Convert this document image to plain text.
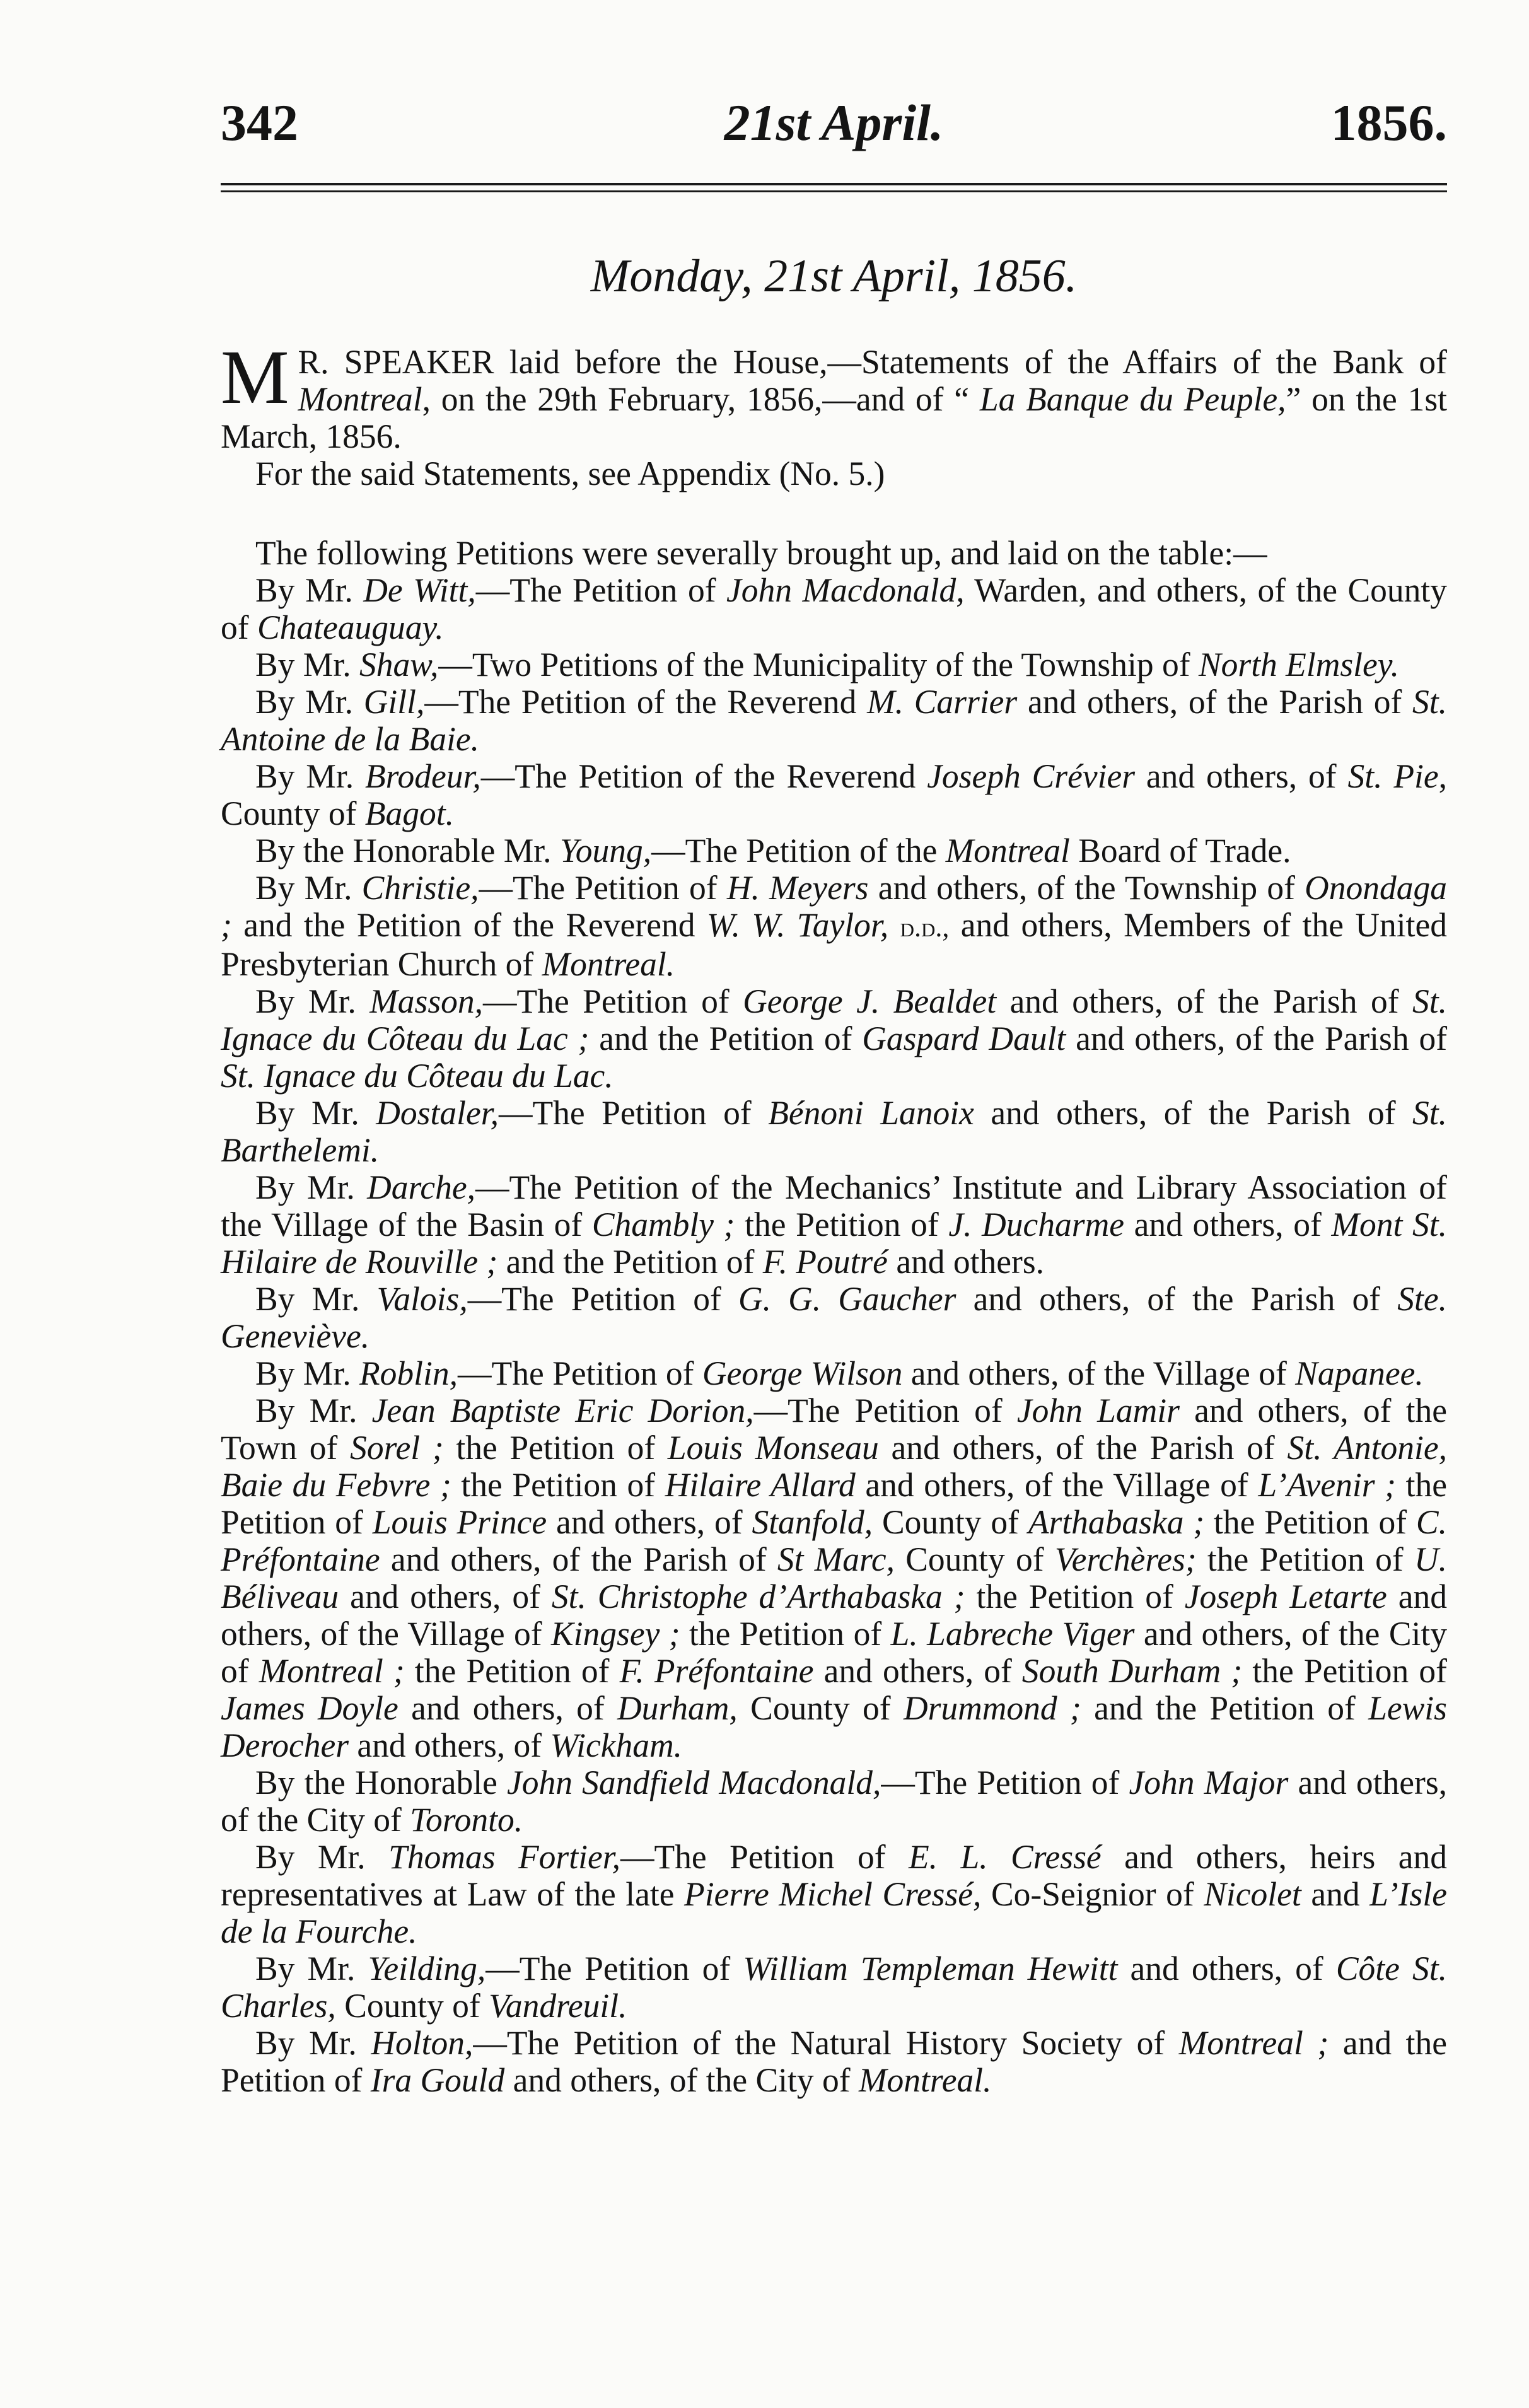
342	21st April.	1856.
Monday, 21st April, 1856.

M R. SPEAKER laid before the House,—Statements of the Affairs of the Bank of Montreal, on the 29th February, 1856,—and of “ La Banque du Peuple,” on the 1st March, 1856.

For the said Statements, see Appendix (No. 5.)

The following Petitions were severally brought up, and laid on the table:—

By Mr. De Witt,—The Petition of John Macdonald, Warden, and others, of the County of Chateauguay.

By Mr. Shaw,—Two Petitions of the Municipality of the Township of North Elmsley.

By Mr. Gill,—The Petition of the Reverend M. Carrier and others, of the Parish of St. Antoine de la Baie.

By Mr. Brodeur,—The Petition of the Reverend Joseph Crévier and others, of St. Pie, County of Bagot.

By the Honorable Mr. Young,—The Petition of the Montreal Board of Trade.

By Mr. Christie,—The Petition of H. Meyers and others, of the Township of Onondaga ; and the Petition of the Reverend W. W. Taylor, d.d., and others, Members of the United Presbyterian Church of Montreal.

By Mr. Masson,—The Petition of George J. Bealdet and others, of the Parish of St. Ignace du Côteau du Lac ; and the Petition of Gaspard Dault and others, of the Parish of St. Ignace du Côteau du Lac.

By Mr. Dostaler,—The Petition of Bénoni Lanoix and others, of the Parish of St. Barthelemi.

By Mr. Darche,—The Petition of the Mechanics’ Institute and Library Association of the Village of the Basin of Chambly ; the Petition of J. Ducharme and others, of Mont St. Hilaire de Rouville ; and the Petition of F. Poutré and others.

By Mr. Valois,—The Petition of G. G. Gaucher and others, of the Parish of Ste. Geneviève.

By Mr. Roblin,—The Petition of George Wilson and others, of the Village of Napanee.

By Mr. Jean Baptiste Eric Dorion,—The Petition of John Lamir and others, of the Town of Sorel ; the Petition of Louis Monseau and others, of the Parish of St. Antonie, Baie du Febvre ; the Petition of Hilaire Allard and others, of the Village of L’Avenir ; the Petition of Louis Prince and others, of Stanfold, County of Arthabaska ; the Petition of C. Préfontaine and others, of the Parish of St Marc, County of Verchères; the Petition of U. Béliveau and others, of St. Christophe d’Arthabaska ; the Petition of Joseph Letarte and others, of the Village of Kingsey ; the Petition of L. Labreche Viger and others, of the City of Montreal ; the Petition of F. Préfontaine and others, of South Durham ; the Petition of James Doyle and others, of Durham, County of Drummond ; and the Petition of Lewis Derocher and others, of Wickham.

By the Honorable John Sandfield Macdonald,—The Petition of John Major and others, of the City of Toronto.

By Mr. Thomas Fortier,—The Petition of E. L. Cressé and others, heirs and representatives at Law of the late Pierre Michel Cressé, Co-Seignior of Nicolet and L’Isle de la Fourche.

By Mr. Yeilding,—The Petition of William Templeman Hewitt and others, of Côte St. Charles, County of Vandreuil.

By Mr. Holton,—The Petition of the Natural History Society of Montreal ; and the Petition of Ira Gould and others, of the City of Montreal.
